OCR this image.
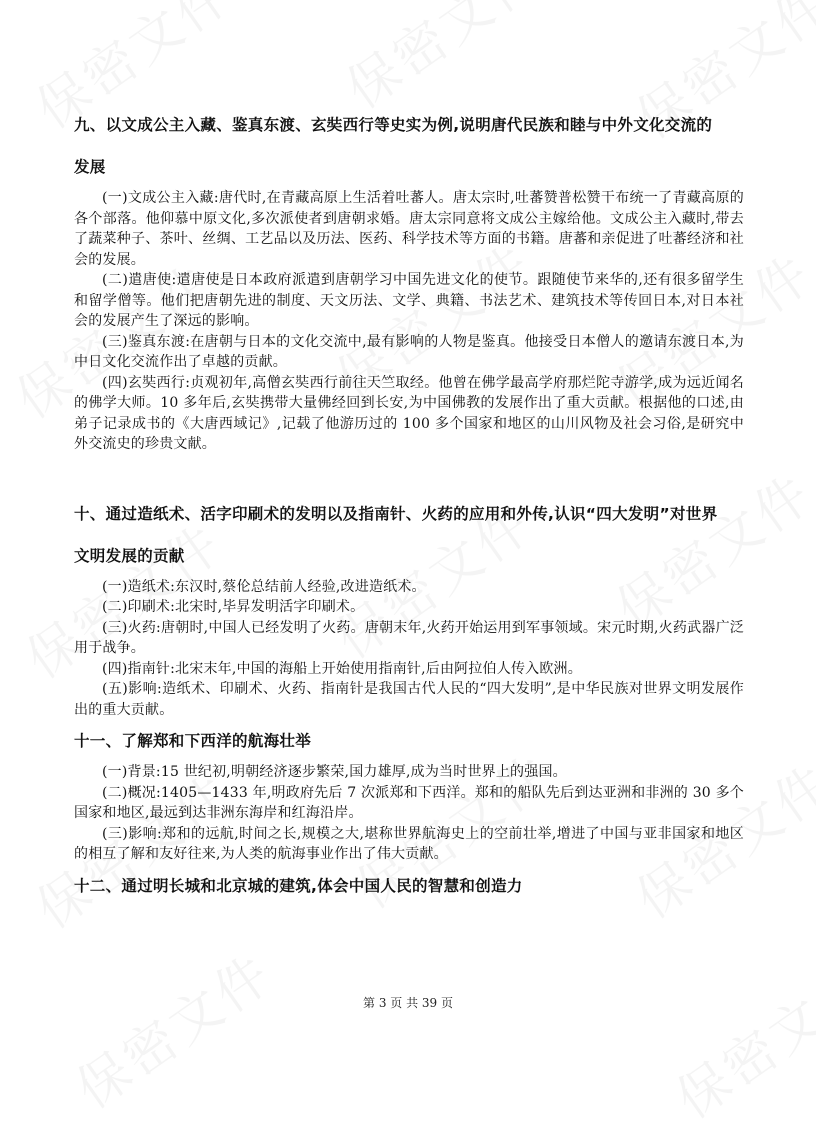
九、以文成公主入藏、鉴真东渡、玄奘西行等史实为例,说明唐代民族和睦与中外文化交流的
发展

(一)文成公主入藏:唐代时,在青藏高原上生活着吐蕃人。唐太宗时,吐蕃赞普松赞干布统一了青藏高原的各个部落。他仰慕中原文化,多次派使者到唐朝求婚。唐太宗同意将文成公主嫁给他。文成公主入藏时,带去了蔬菜种子、茶叶、丝绸、工艺品以及历法、医药、科学技术等方面的书籍。唐蕃和亲促进了吐蕃经济和社会的发展。

(二)遣唐使:遣唐使是日本政府派遣到唐朝学习中国先进文化的使节。跟随使节来华的,还有很多留学生和留学僧等。他们把唐朝先进的制度、天文历法、文学、典籍、书法艺术、建筑技术等传回日本,对日本社会的发展产生了深远的影响。

(三)鉴真东渡:在唐朝与日本的文化交流中,最有影响的人物是鉴真。他接受日本僧人的邀请东渡日本,为中日文化交流作出了卓越的贡献。

(四)玄奘西行:贞观初年,高僧玄奘西行前往天竺取经。他曾在佛学最高学府那烂陀寺游学,成为远近闻名的佛学大师。10 多年后,玄奘携带大量佛经回到长安,为中国佛教的发展作出了重大贡献。根据他的口述,由弟子记录成书的《大唐西域记》,记载了他游历过的 100 多个国家和地区的山川风物及社会习俗,是研究中外交流史的珍贵文献。

十、通过造纸术、活字印刷术的发明以及指南针、火药的应用和外传,认识“四大发明”对世界
文明发展的贡献

(一)造纸术:东汉时,蔡伦总结前人经验,改进造纸术。

(二)印刷术:北宋时,毕昇发明活字印刷术。

(三)火药:唐朝时,中国人已经发明了火药。唐朝末年,火药开始运用到军事领域。宋元时期,火药武器广泛用于战争。

(四)指南针:北宋末年,中国的海船上开始使用指南针,后由阿拉伯人传入欧洲。

(五)影响:造纸术、印刷术、火药、指南针是我国古代人民的“四大发明”,是中华民族对世界文明发展作出的重大贡献。

十一、了解郑和下西洋的航海壮举

(一)背景:15 世纪初,明朝经济逐步繁荣,国力雄厚,成为当时世界上的强国。

(二)概况:1405—1433 年,明政府先后 7 次派郑和下西洋。郑和的船队先后到达亚洲和非洲的 30 多个国家和地区,最远到达非洲东海岸和红海沿岸。

(三)影响:郑和的远航,时间之长,规模之大,堪称世界航海史上的空前壮举,增进了中国与亚非国家和地区的相互了解和友好往来,为人类的航海事业作出了伟大贡献。

十二、通过明长城和北京城的建筑,体会中国人民的智慧和创造力
第 3 页 共 39 页
